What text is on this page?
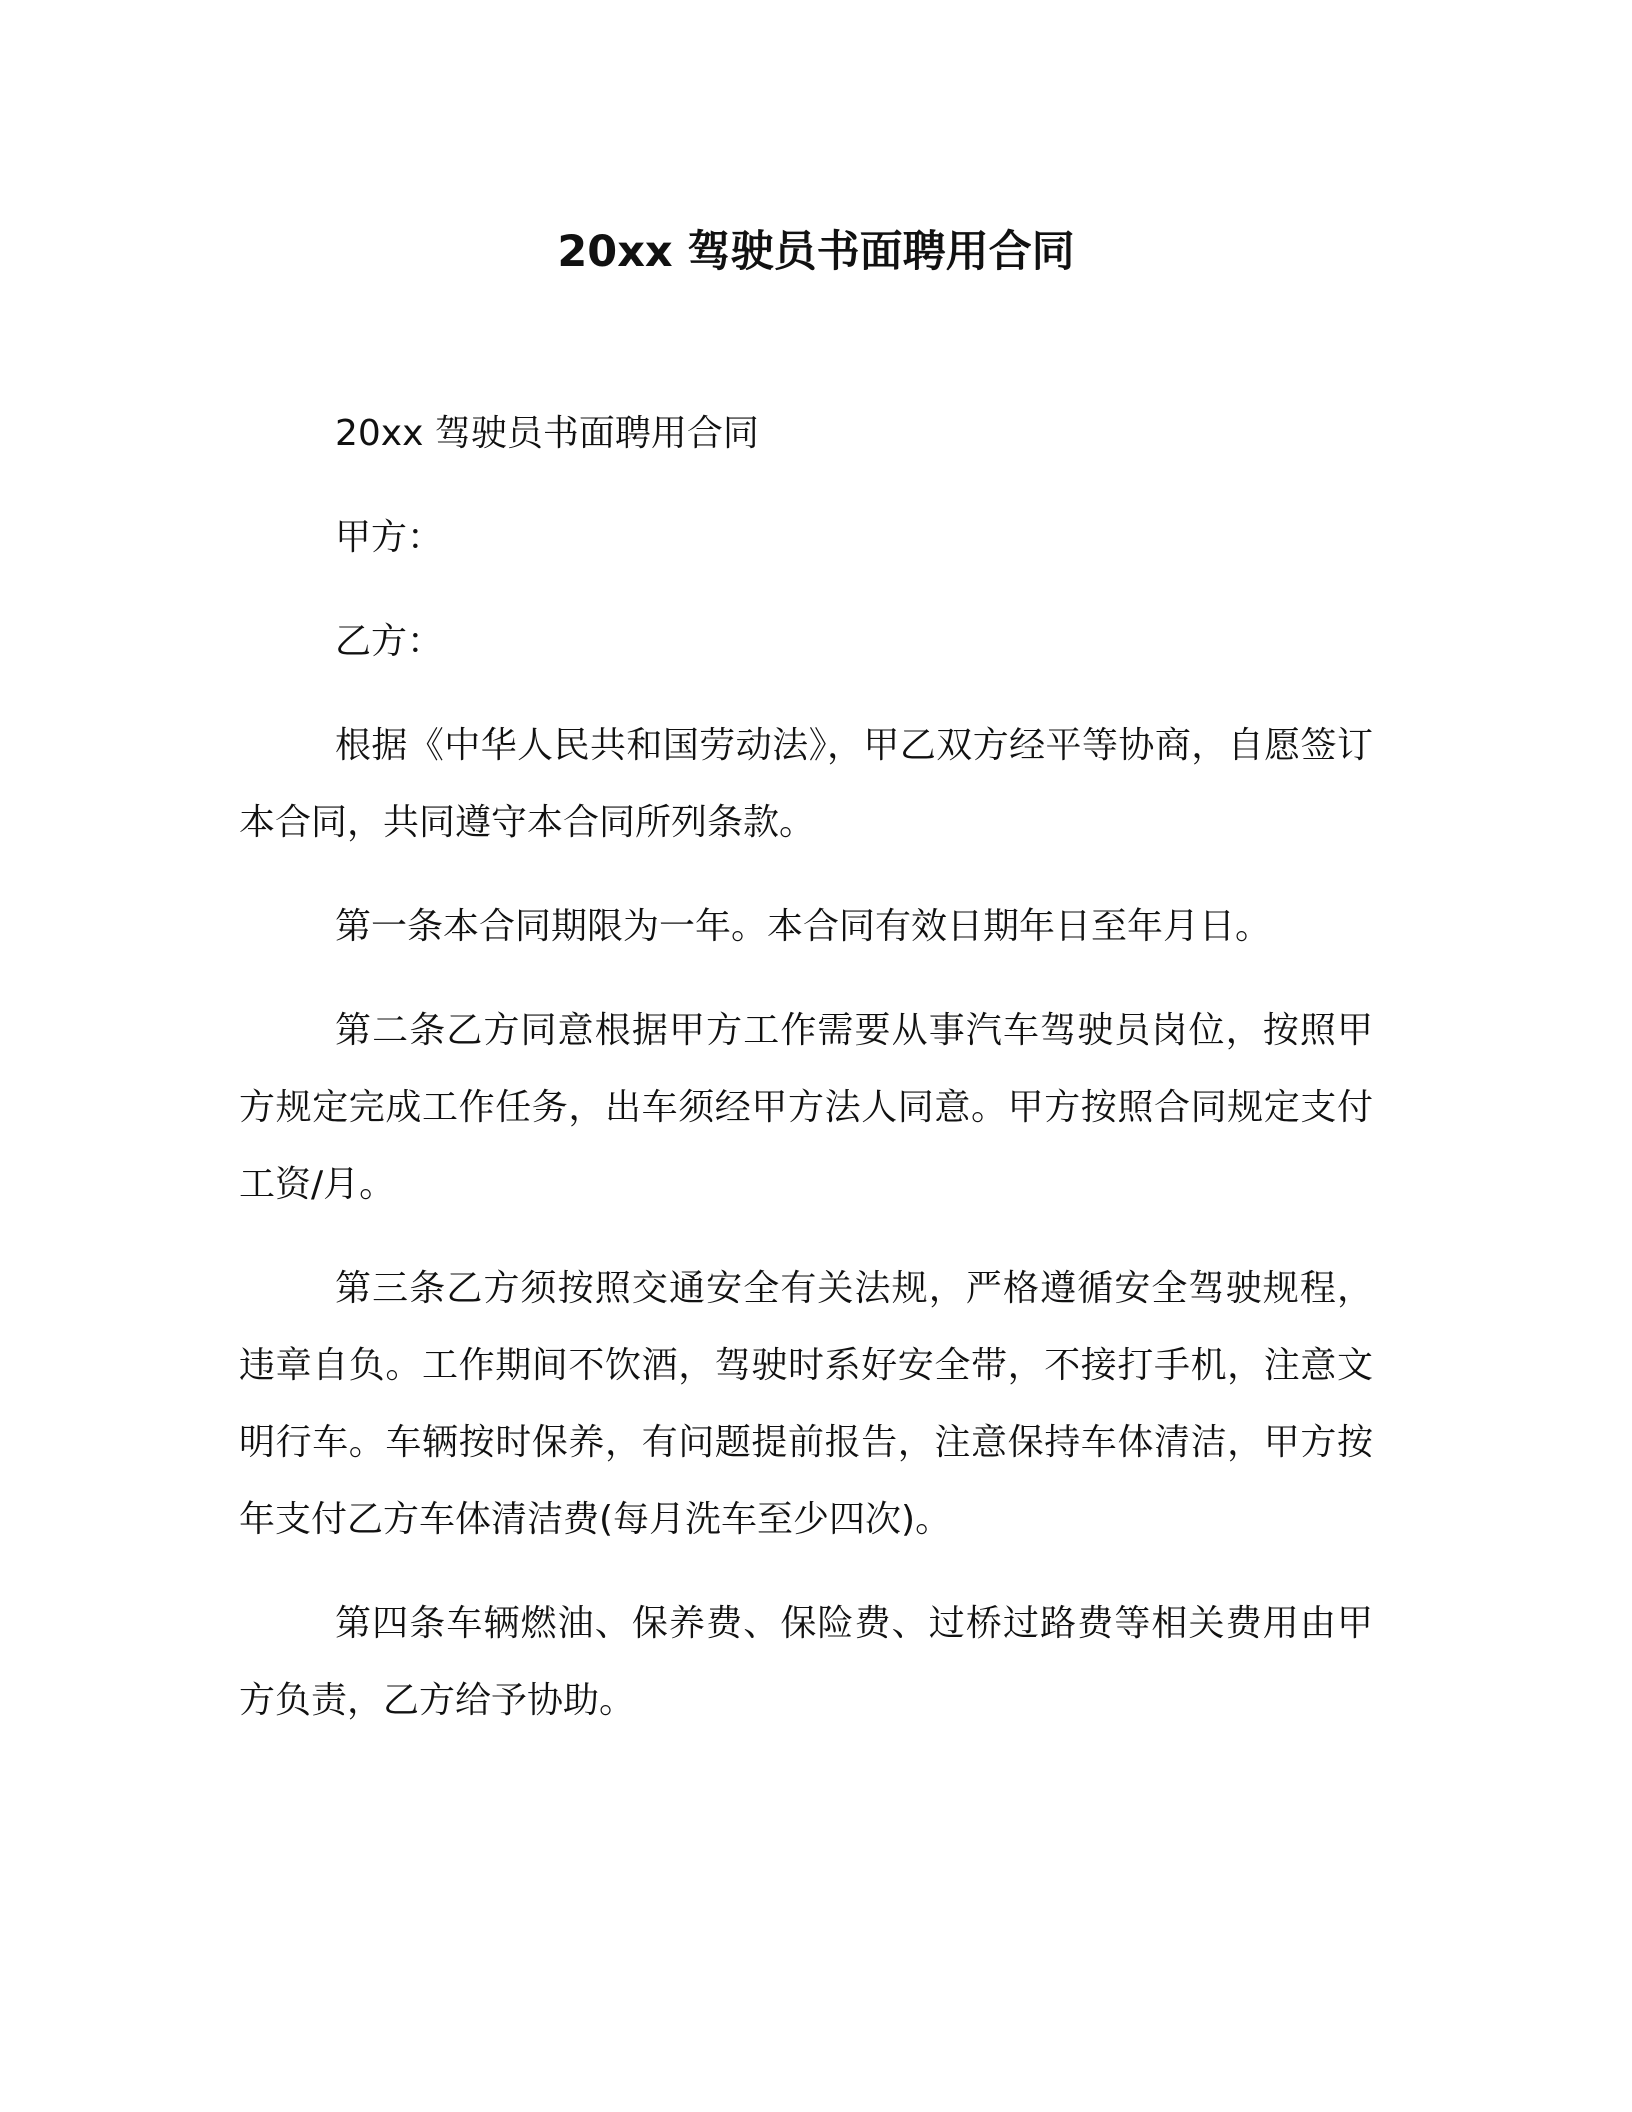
20xx 驾驶员书面聘用合同

20xx 驾驶员书面聘用合同

甲方：

乙方：

根据《中华人民共和国劳动法》，甲乙双方经平等协商，自愿签订本合同，共同遵守本合同所列条款。

第一条本合同期限为一年。本合同有效日期年日至年月日。

第二条乙方同意根据甲方工作需要从事汽车驾驶员岗位，按照甲方规定完成工作任务，出车须经甲方法人同意。甲方按照合同规定支付工资/月。

第三条乙方须按照交通安全有关法规，严格遵循安全驾驶规程，违章自负。工作期间不饮酒，驾驶时系好安全带，不接打手机，注意文明行车。车辆按时保养，有问题提前报告，注意保持车体清洁，甲方按年支付乙方车体清洁费(每月洗车至少四次)。

第四条车辆燃油、保养费、保险费、过桥过路费等相关费用由甲方负责，乙方给予协助。
